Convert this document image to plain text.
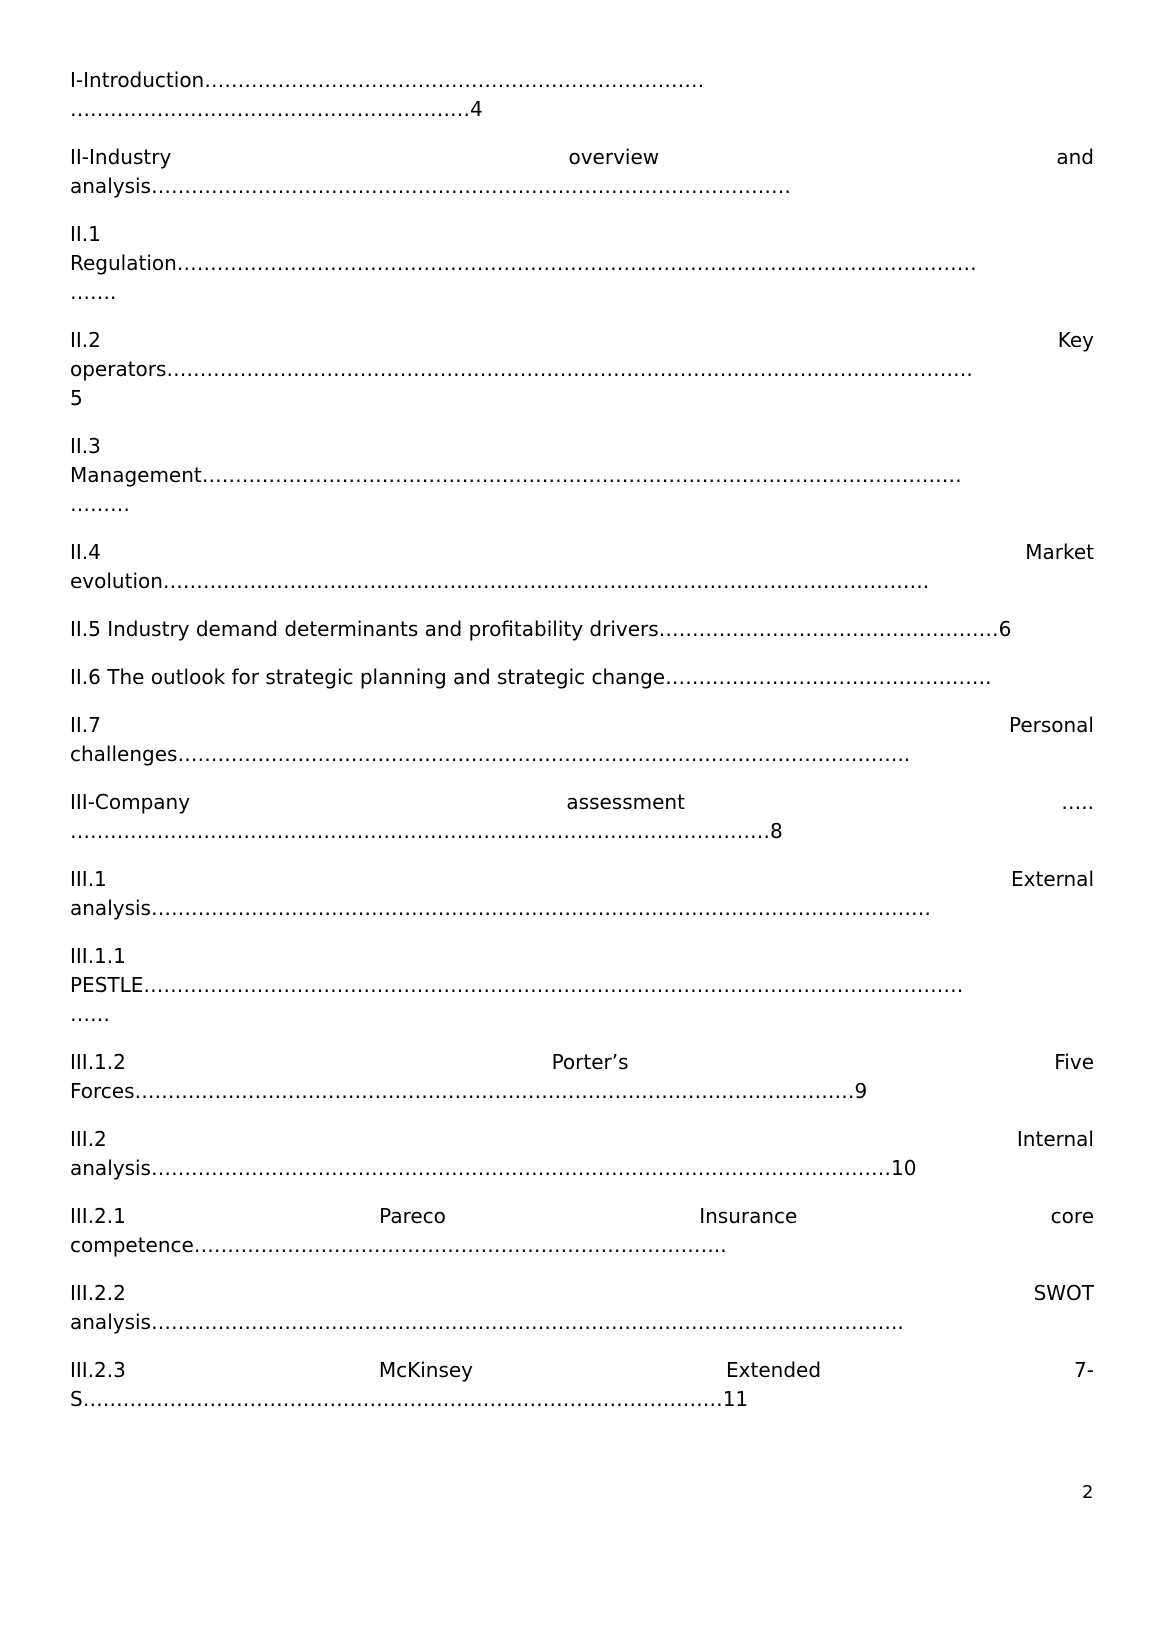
I-Introduction…………………………………………………………………
……………………………………………………4
II-Industry	overview	and
analysis……………………………………………………………………………………
II.1
Regulation…………………………………………………………………………………………………………
…….
II.2	Key
operators………………………………………………………………………………………………………….
5
II.3
Management……………………………………………………………………………………………………
………
II.4	Market
evolution…………………………………………………………………………………………………….
II.5 Industry demand determinants and profitability drivers……………………………………………6
II.6 The outlook for strategic planning and strategic change………………………………………….
II.7	Personal
challenges………………………………………………………………………………………………..
III-Company	assessment	…..
……………………………………………………………………………………………8
III.1	External
analysis………………………………………………………………………………………………………
III.1.1
PESTLE……………………………………………………………………………………………………………
……
III.1.2	Porter’s	Five
Forces………………………………………………………………………………………………9
III.2	Internal
analysis…………………………………………………………………………………………………10
III.2.1	Pareco	Insurance	core
competence……………………………………………………………………..
III.2.2	SWOT
analysis…………………………………………………………………………………………………..
III.2.3	McKinsey	Extended	7-
S……………………………………………………………………………………11
2
